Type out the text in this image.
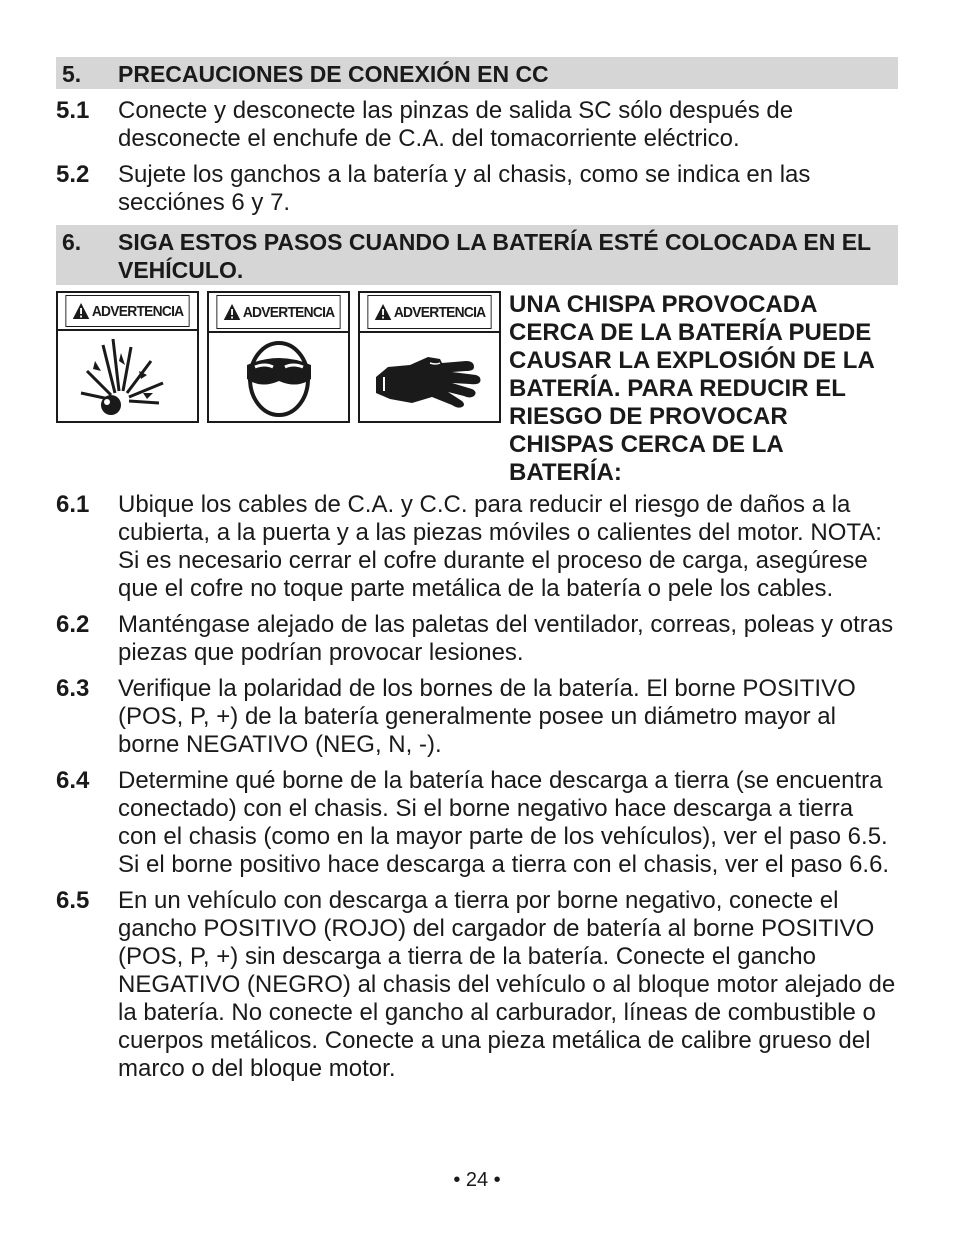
5.	PRECAUCIONES DE CONEXIÓN EN CC
5.1	Conecte y desconecte las pinzas de salida SC sólo después de desconecte el enchufe de C.A. del tomacorriente eléctrico.
5.2	Sujete los ganchos a la batería y al chasis, como se indica en las secciónes 6 y 7.
6.	SIGA ESTOS PASOS CUANDO LA BATERÍA ESTÉ COLOCADA EN EL VEHÍCULO.
ADVERTENCIA	ADVERTENCIA	ADVERTENCIA UNA CHISPA PROVOCADA CERCA DE LA BATERÍA PUEDE CAUSAR LA EXPLOSIÓN DE LA BATERÍA. PARA REDUCIR EL RIESGO DE PROVOCAR CHISPAS CERCA DE LA BATERÍA:
6.1	Ubique los cables de C.A. y C.C. para reducir el riesgo de daños a la cubierta, a la puerta y a las piezas móviles o calientes del motor. NOTA: Si es necesario cerrar el cofre durante el proceso de carga, asegúrese que el cofre no toque parte metálica de la batería o pele los cables.
6.2	Manténgase alejado de las paletas del ventilador, correas, poleas y otras piezas que podrían provocar lesiones.
6.3	Verifique la polaridad de los bornes de la batería. El borne POSITIVO (POS, P, +) de la batería generalmente posee un diámetro mayor al borne NEGATIVO (NEG, N, -).
6.4	Determine qué borne de la batería hace descarga a tierra (se encuentra conectado) con el chasis. Si el borne negativo hace descarga a tierra con el chasis (como en la mayor parte de los vehículos), ver el paso 6.5. Si el borne positivo hace descarga a tierra con el chasis, ver el paso 6.6.
6.5	En un vehículo con descarga a tierra por borne negativo, conecte el gancho POSITIVO (ROJO) del cargador de batería al borne POSITIVO (POS, P, +) sin descarga a tierra de la batería. Conecte el gancho NEGATIVO (NEGRO) al chasis del vehículo o al bloque motor alejado de la batería. No conecte el gancho al carburador, líneas de combustible o cuerpos metálicos. Conecte a una pieza metálica de calibre grueso del marco o del bloque motor.
• 24 •
